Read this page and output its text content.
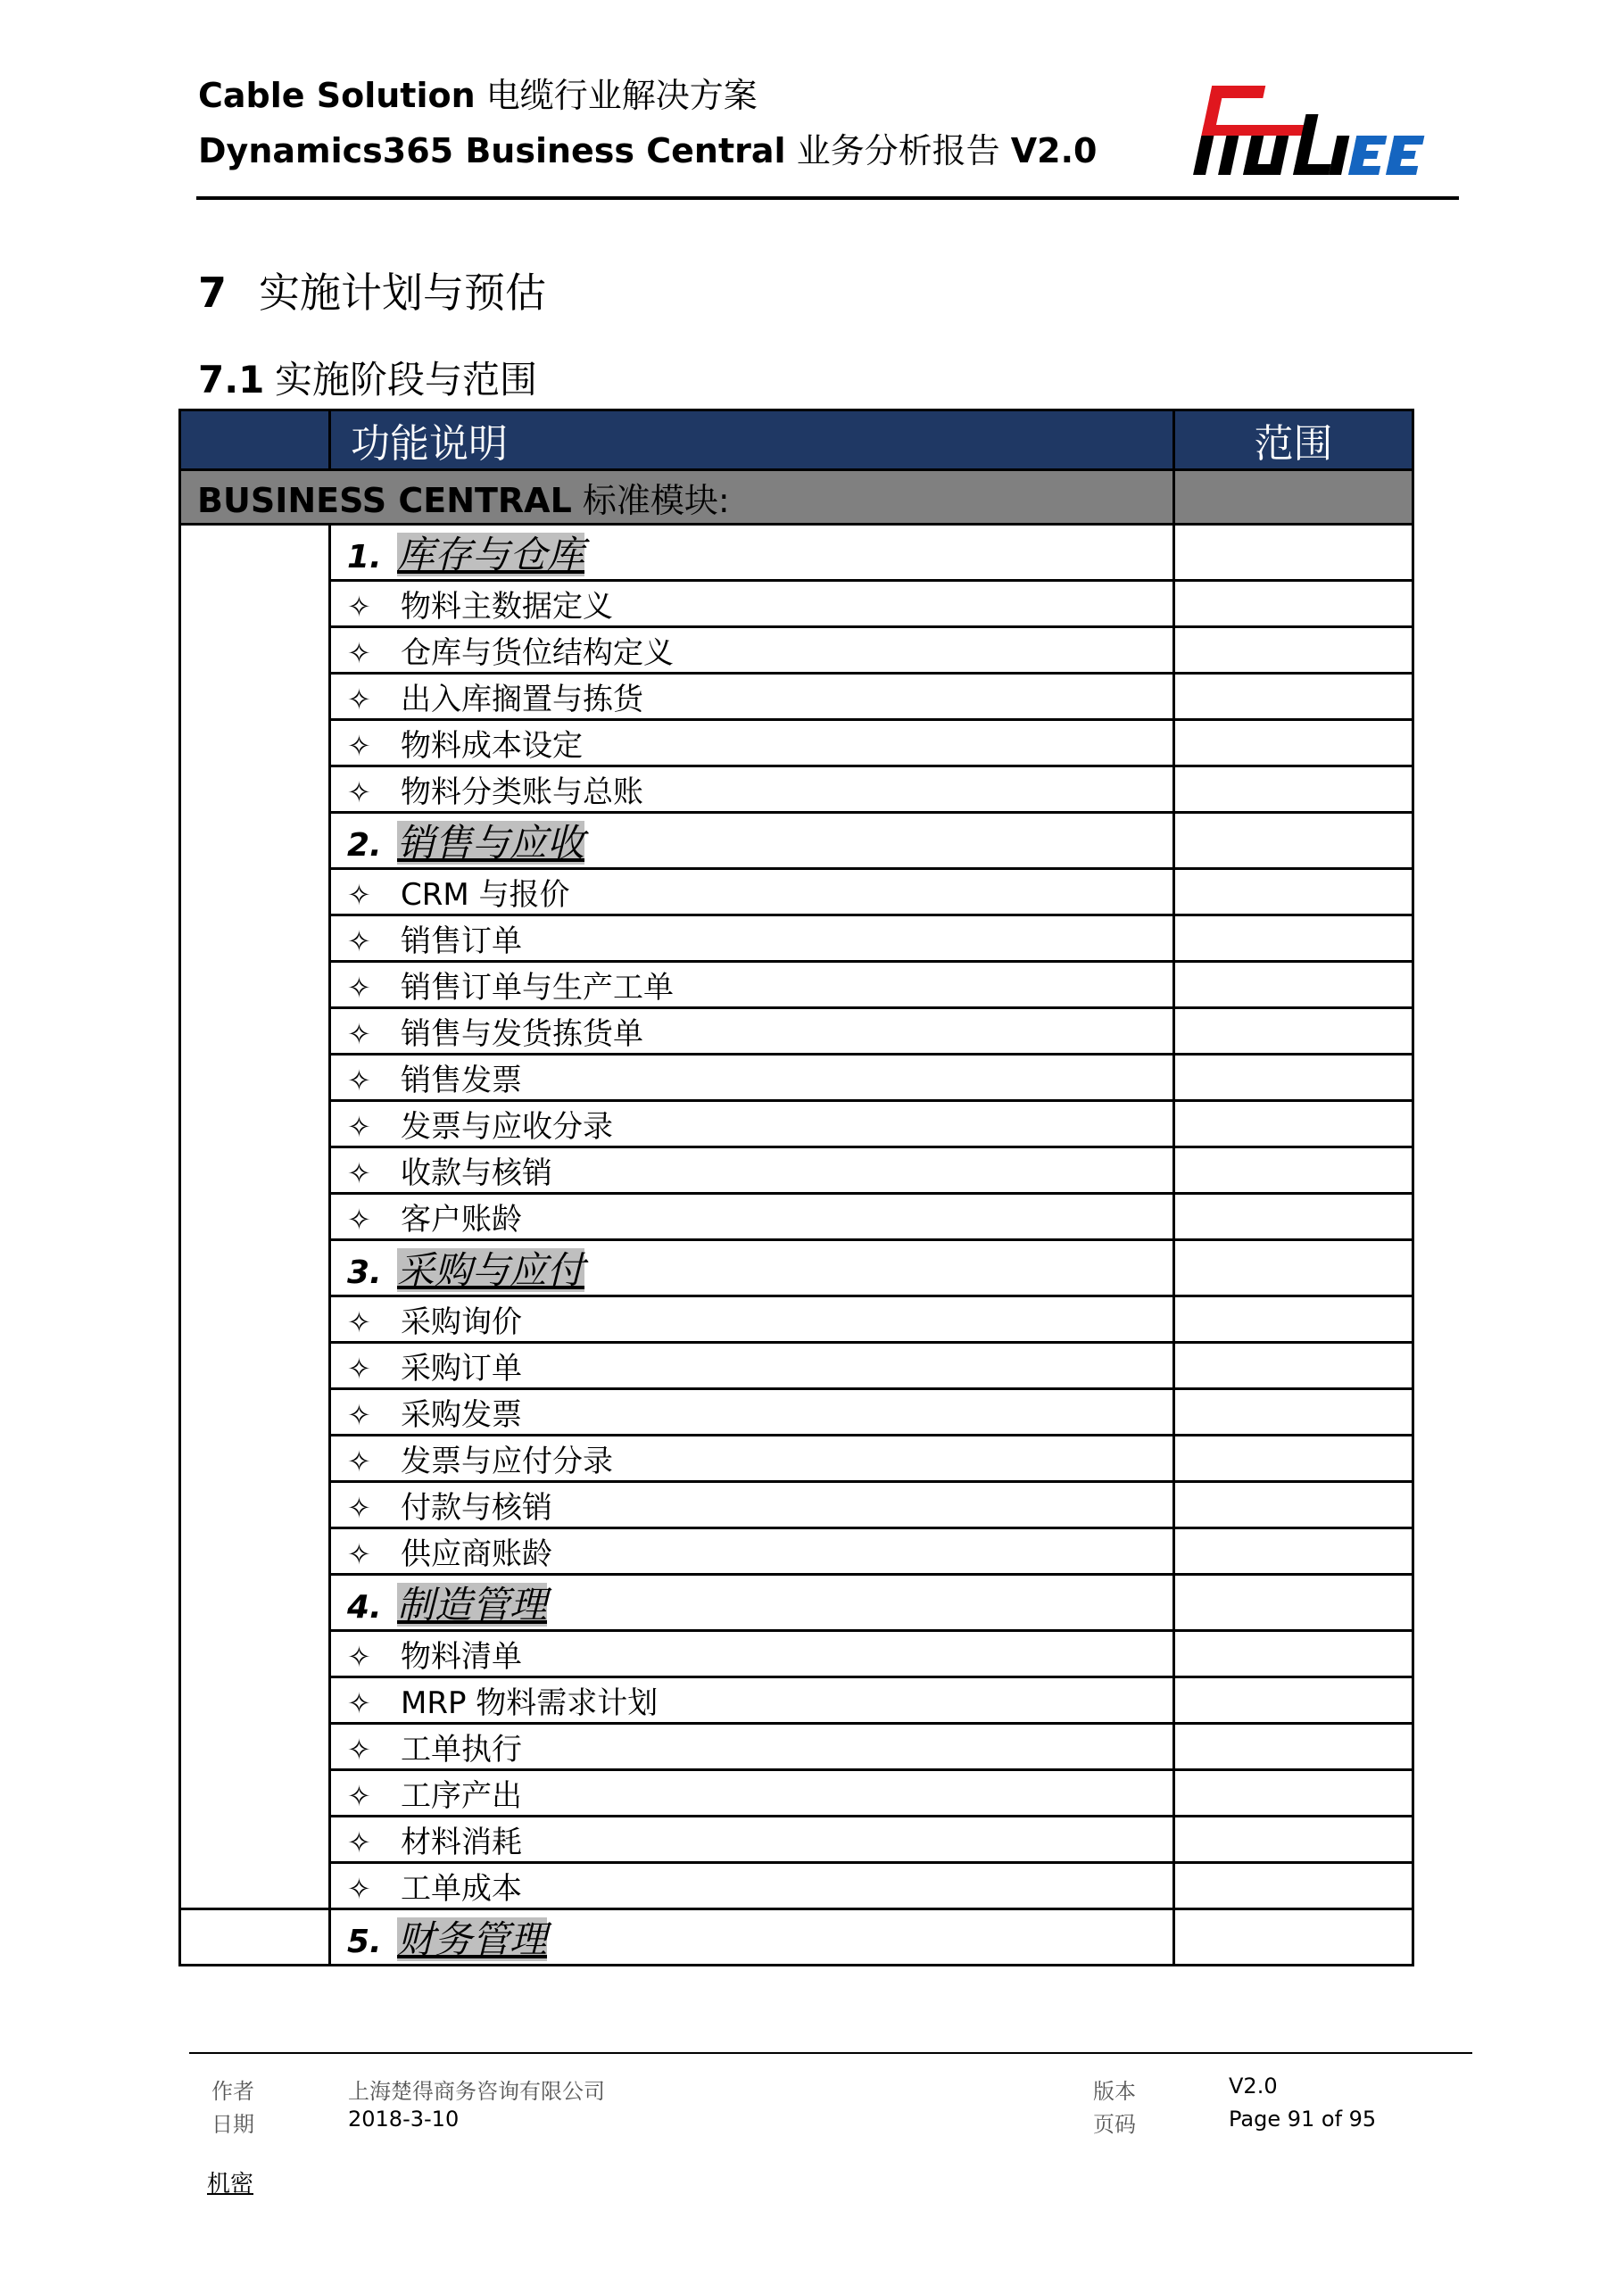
Cable Solution 电缆行业解决方案
Dynamics365 Business Central 业务分析报告 V2.0
7 实施计划与预估
7.1 实施阶段与范围
	功能说明	范围
BUSINESS CENTRAL 标准模块:		
	1. 库存与仓库	
	✧ 物料主数据定义	
	✧ 仓库与货位结构定义	
	✧ 出入库搁置与拣货	
	✧ 物料成本设定	
	✧ 物料分类账与总账	
	2. 销售与应收	
	✧ CRM 与报价	
	✧ 销售订单	
	✧ 销售订单与生产工单	
	✧ 销售与发货拣货单	
	✧ 销售发票	
	✧ 发票与应收分录	
	✧ 收款与核销	
	✧ 客户账龄	
	3. 采购与应付	
	✧ 采购询价	
	✧ 采购订单	
	✧ 采购发票	
	✧ 发票与应付分录	
	✧ 付款与核销	
	✧ 供应商账龄	
	4. 制造管理	
	✧ 物料清单	
	✧ MRP 物料需求计划	
	✧ 工单执行	
	✧ 工序产出	
	✧ 材料消耗	
	✧ 工单成本	
	5. 财务管理	
作者	上海楚得商务咨询有限公司
日期	2018-3-10
版本	V2.0
页码	Page 91 of 95
机密
